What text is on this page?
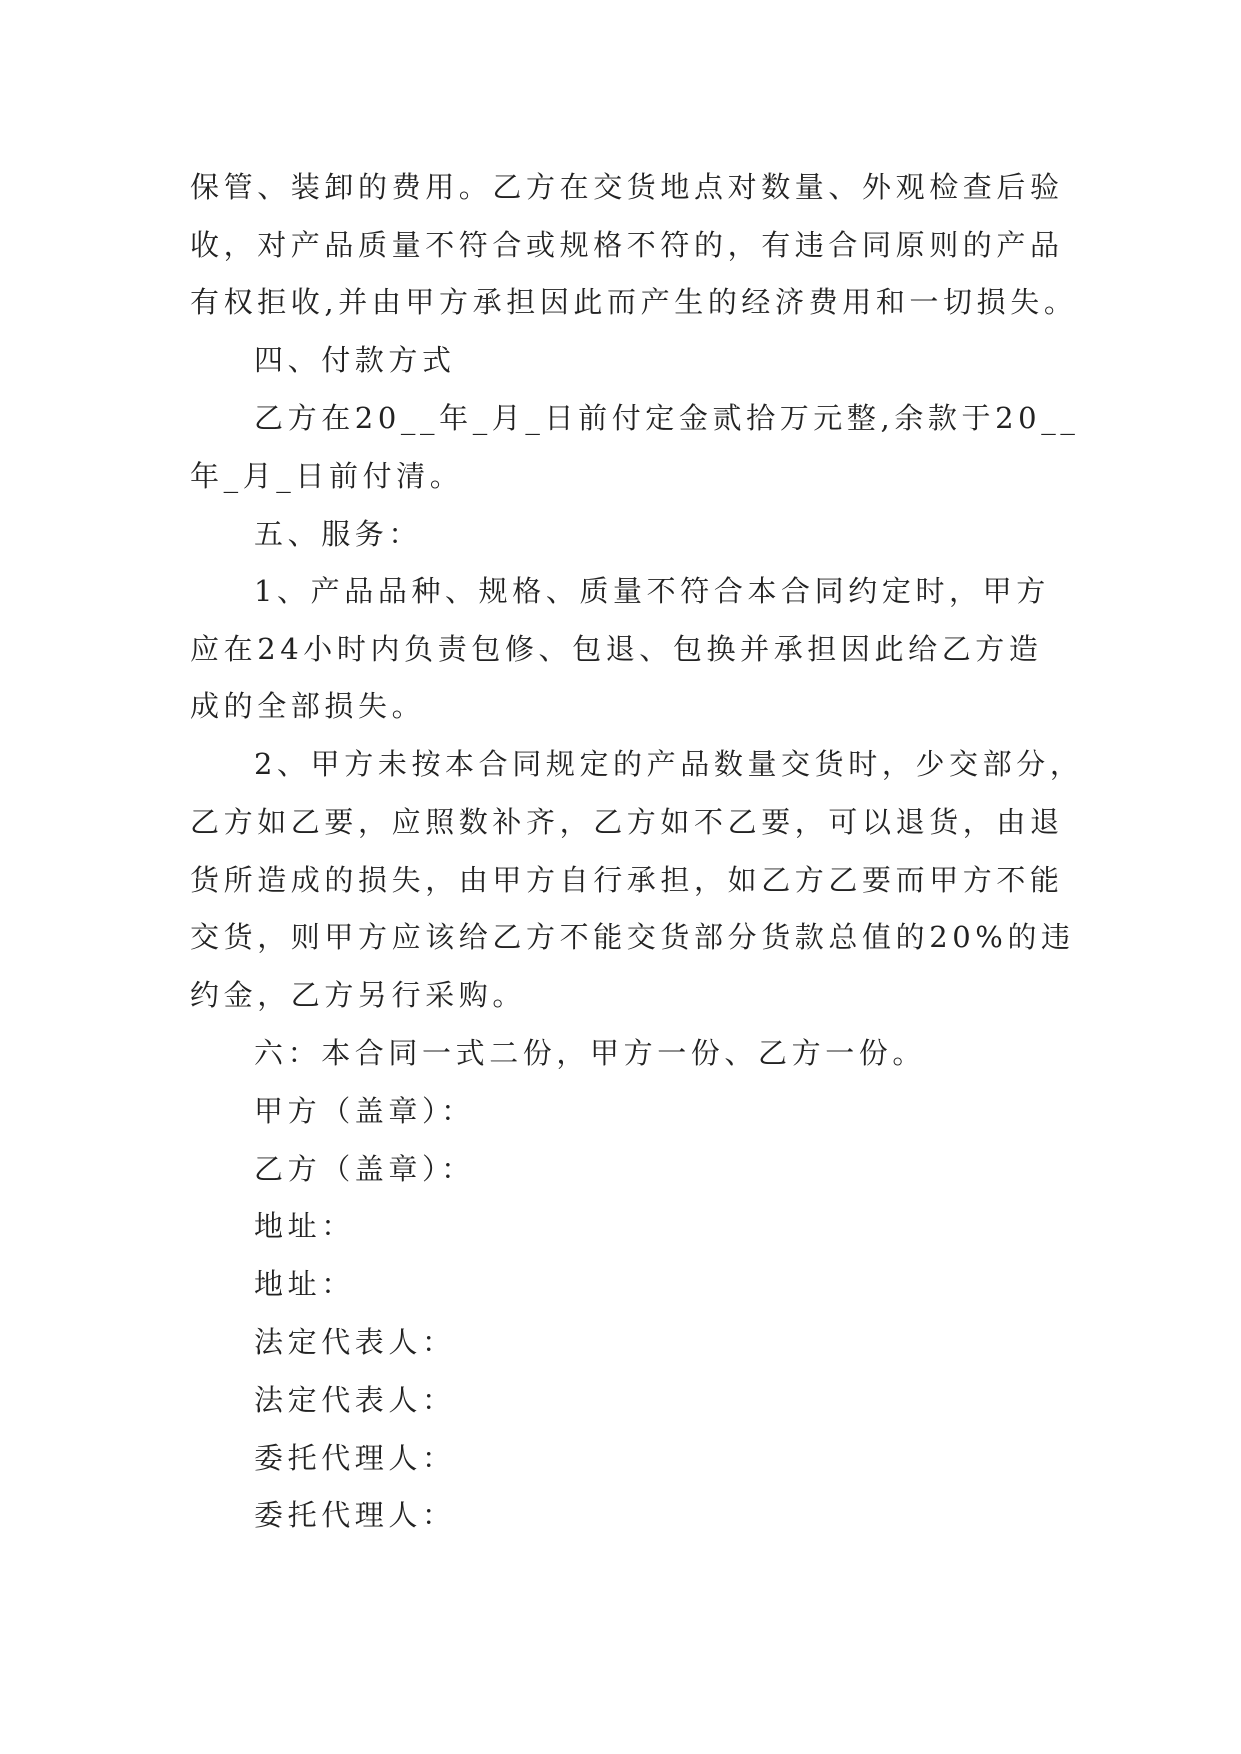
保管、装卸的费用。乙方在交货地点对数量、外观检查后验
收，对产品质量不符合或规格不符的，有违合同原则的产品
有权拒收,并由甲方承担因此而产生的经济费用和一切损失。
四、付款方式
乙方在20__年_月_日前付定金贰拾万元整,余款于20__
年_月_日前付清。
五、服务：
1、产品品种、规格、质量不符合本合同约定时，甲方
应在24小时内负责包修、包退、包换并承担因此给乙方造
成的全部损失。
2、甲方未按本合同规定的产品数量交货时，少交部分，
乙方如乙要，应照数补齐，乙方如不乙要，可以退货，由退
货所造成的损失，由甲方自行承担，如乙方乙要而甲方不能
交货，则甲方应该给乙方不能交货部分货款总值的20%的违
约金，乙方另行采购。
六：本合同一式二份，甲方一份、乙方一份。
甲方（盖章）：
乙方（盖章）：
地址：
地址：
法定代表人：
法定代表人：
委托代理人：
委托代理人：
